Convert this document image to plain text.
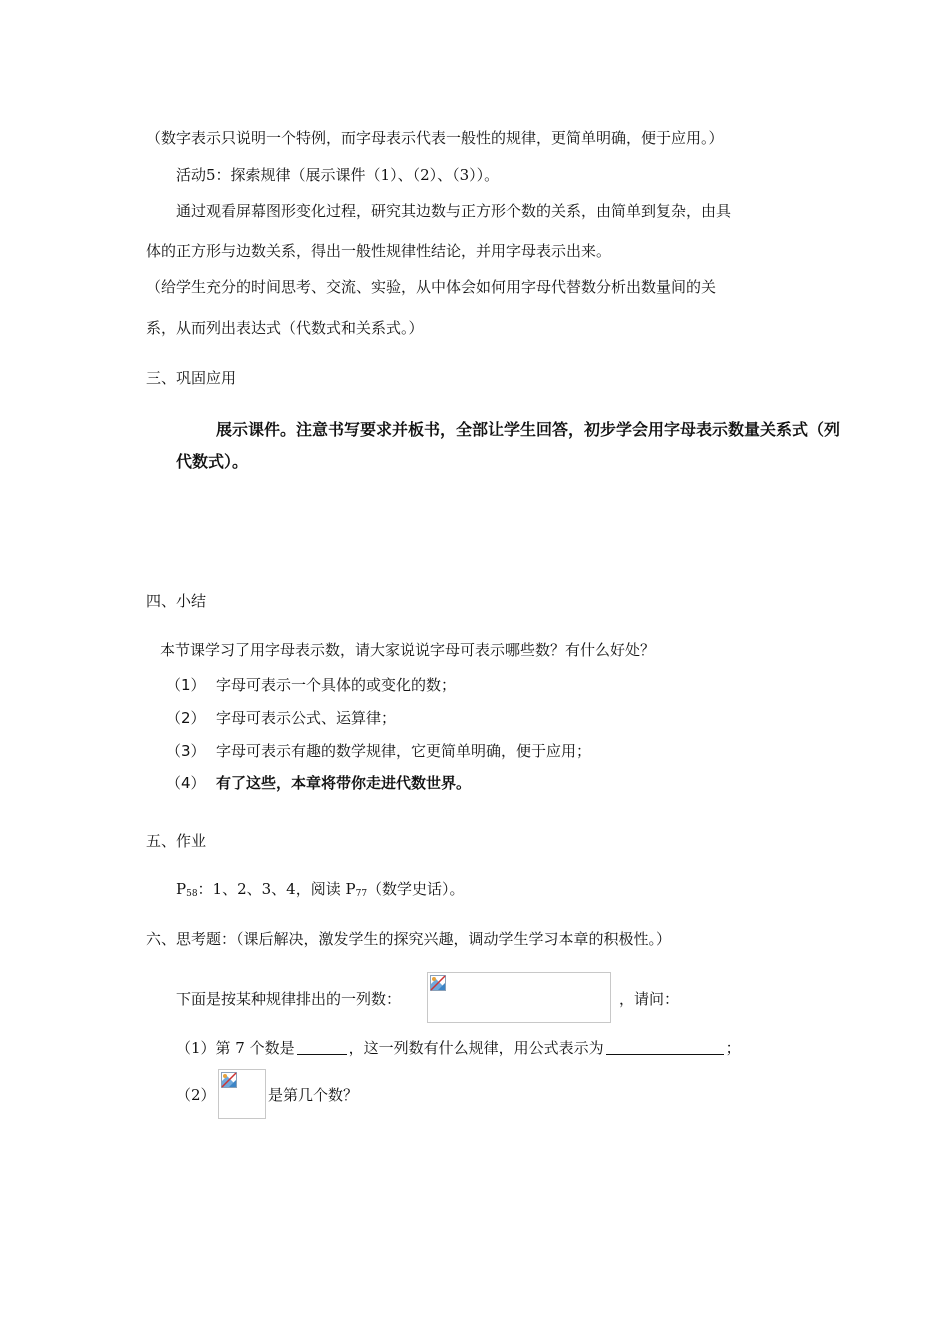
（数字表示只说明一个特例，而字母表示代表一般性的规律，更简单明确，便于应用。）
活动5：探索规律（展示课件（1）、（2）、（3））。
通过观看屏幕图形变化过程，研究其边数与正方形个数的关系，由简单到复杂，由具
体的正方形与边数关系，得出一般性规律性结论，并用字母表示出来。
（给学生充分的时间思考、交流、实验，从中体会如何用字母代替数分析出数量间的关
系，从而列出表达式（代数式和关系式。）
三、巩固应用
展示课件。注意书写要求并板书，全部让学生回答，初步学会用字母表示数量关系式（列
代数式）。
四、小结
本节课学习了用字母表示数，请大家说说字母可表示哪些数？有什么好处？
（1） 字母可表示一个具体的或变化的数；
（2） 字母可表示公式、运算律；
（3） 字母可表示有趣的数学规律，它更简单明确，便于应用；
（4） 有了这些，本章将带你走进代数世界。
五、作业
$P_{58}$：1、2、3、4，阅读 $P_{77}$（数学史话）。
六、思考题：（课后解决，激发学生的探究兴趣，调动学生学习本章的积极性。）
下面是按某种规律排出的一列数：	，请问：
（1）第 7 个数是	，这一列数有什么规律，用公式表示为	；
（2）	是第几个数？
